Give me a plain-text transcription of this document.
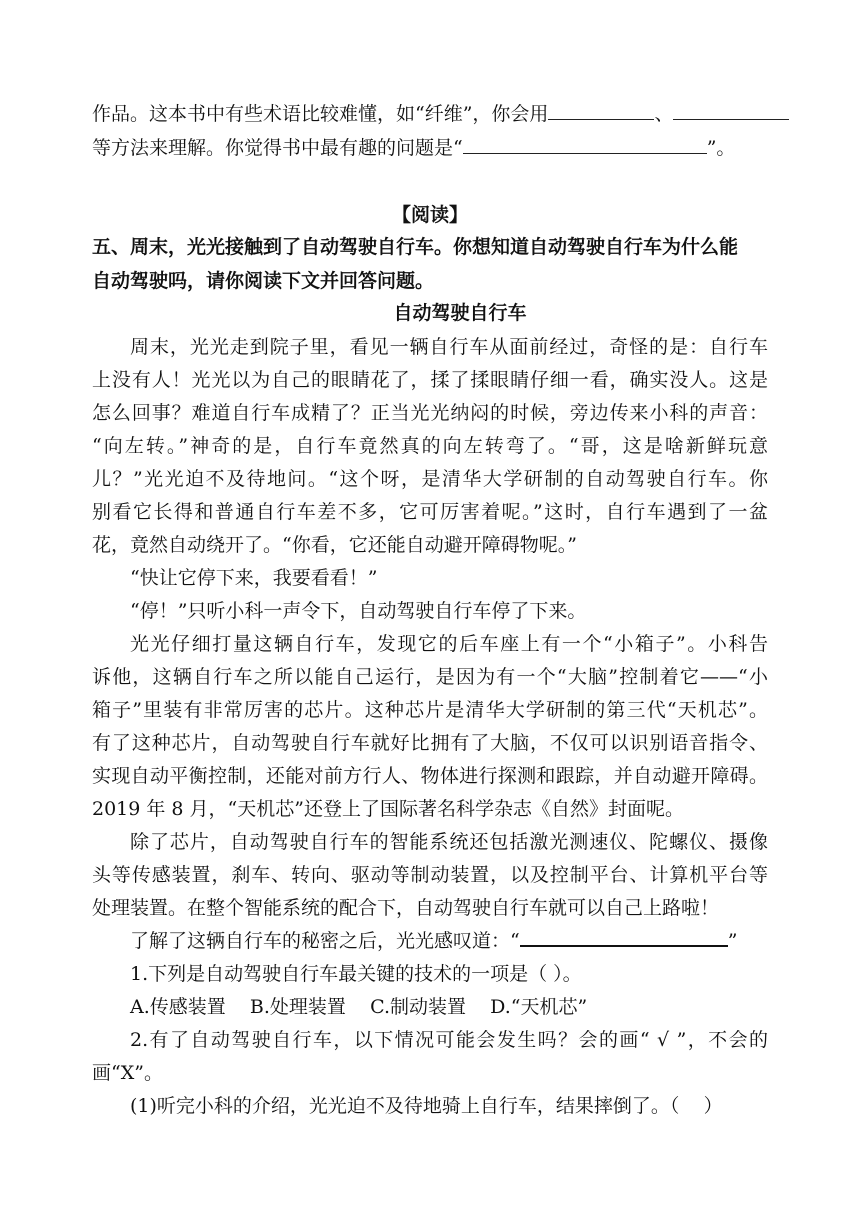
作品。这本书中有些术语比较难懂，如“纤维”，你会用	、
等方法来理解。你觉得书中最有趣的问题是“	”。
【阅读】
五、周末，光光接触到了自动驾驶自行车。你想知道自动驾驶自行车为什么能
自动驾驶吗，请你阅读下文并回答问题。
自动驾驶自行车
周末，光光走到院子里，看见一辆自行车从面前经过，奇怪的是：自行车
上没有人！光光以为自己的眼睛花了，揉了揉眼睛仔细一看，确实没人。这是
怎么回事？难道自行车成精了？正当光光纳闷的时候，旁边传来小科的声音：
“向左转。”神奇的是，自行车竟然真的向左转弯了。“哥，这是啥新鲜玩意
儿？”光光迫不及待地问。“这个呀，是清华大学研制的自动驾驶自行车。你
别看它长得和普通自行车差不多，它可厉害着呢。”这时，自行车遇到了一盆
花，竟然自动绕开了。“你看，它还能自动避开障碍物呢。”
“快让它停下来，我要看看！”
“停！”只听小科一声令下，自动驾驶自行车停了下来。
光光仔细打量这辆自行车，发现它的后车座上有一个“小箱子”。小科告
诉他，这辆自行车之所以能自己运行，是因为有一个“大脑”控制着它——“小
箱子”里装有非常厉害的芯片。这种芯片是清华大学研制的第三代“天机芯”。
有了这种芯片，自动驾驶自行车就好比拥有了大脑，不仅可以识别语音指令、
实现自动平衡控制，还能对前方行人、物体进行探测和跟踪，并自动避开障碍。
2019 年 8 月，“天机芯”还登上了国际著名科学杂志《自然》封面呢。
除了芯片，自动驾驶自行车的智能系统还包括激光测速仪、陀螺仪、摄像
头等传感装置，刹车、转向、驱动等制动装置，以及控制平台、计算机平台等
处理装置。在整个智能系统的配合下，自动驾驶自行车就可以自己上路啦！
了解了这辆自行车的秘密之后，光光感叹道：“	”
1.下列是自动驾驶自行车最关键的技术的一项是（ ）。
A.传感装置    B.处理装置    C.制动装置    D.“天机芯”
2.有了自动驾驶自行车，以下情况可能会发生吗？会的画“ √ ”，不会的
画“X”。
(1)听完小科的介绍，光光迫不及待地骑上自行车，结果摔倒了。（    ）
